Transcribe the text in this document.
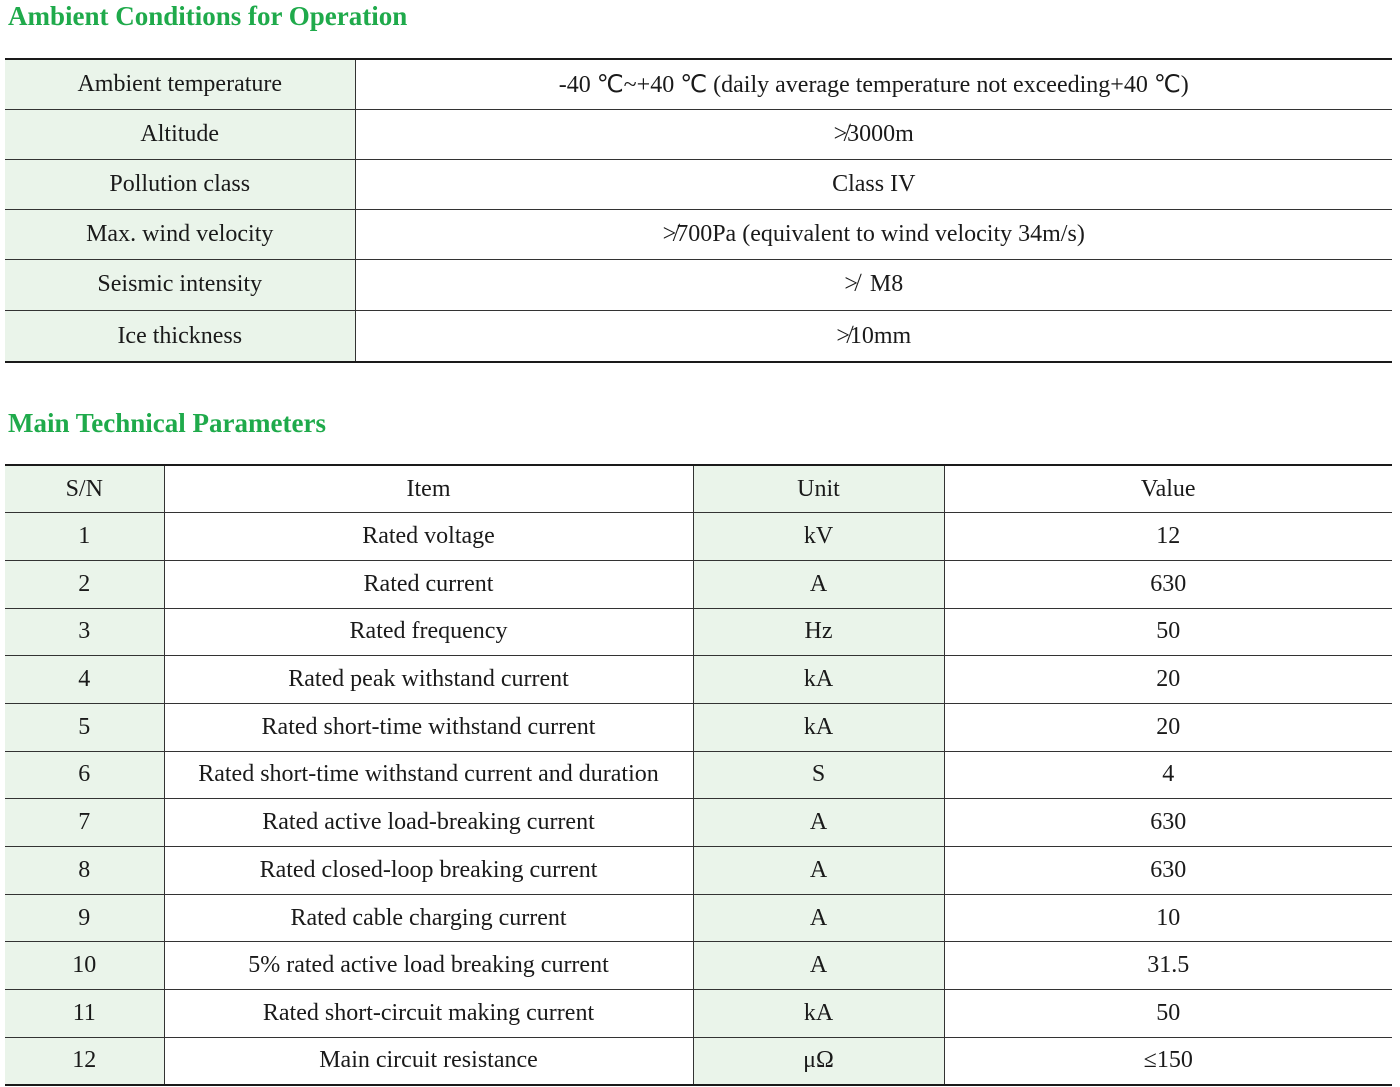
Ambient Conditions for Operation
Ambient temperature	-40 ℃~+40 ℃ (daily average temperature not exceeding+40 ℃)
Altitude	≯3000m
Pollution class	Class IV
Max. wind velocity	≯700Pa (equivalent to wind velocity 34m/s)
Seismic intensity	≯  M8
Ice thickness	≯10mm
Main Technical Parameters
S/N	Item	Unit	Value
1	Rated voltage	kV	12
2	Rated current	A	630
3	Rated frequency	Hz	50
4	Rated peak withstand current	kA	20
5	Rated short-time withstand current	kA	20
6	Rated short-time withstand current and duration	S	4
7	Rated active load-breaking current	A	630
8	Rated closed-loop breaking current	A	630
9	Rated cable charging current	A	10
10	5% rated active load breaking current	A	31.5
11	Rated short-circuit making current	kA	50
12	Main circuit resistance	μΩ	≤150
